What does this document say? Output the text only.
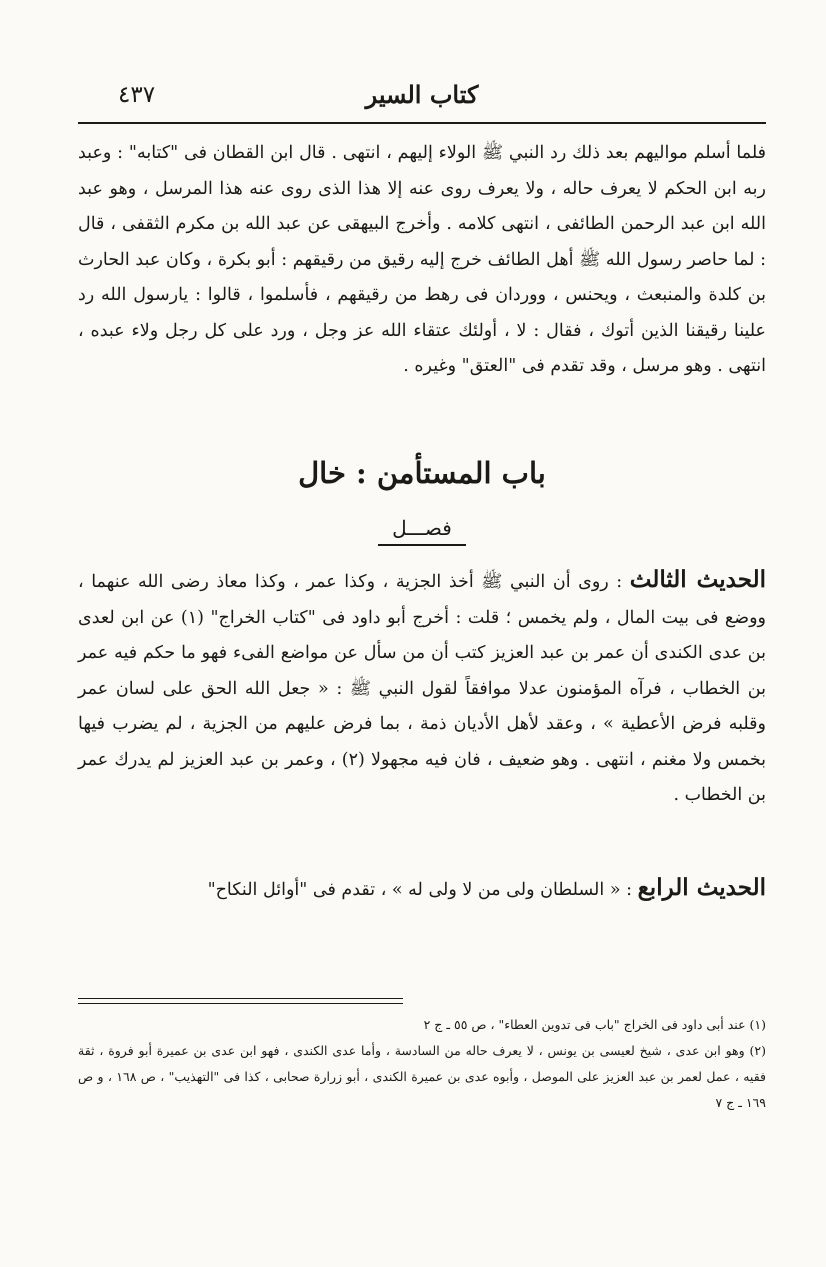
كتاب السير
٤٣٧
فلما أسلم مواليهم بعد ذلك رد النبي ﷺ الولاء إليهم ، انتهى . قال ابن القطان فى "كتابه" : وعبد ربه ابن الحكم لا يعرف حاله ، ولا يعرف روى عنه إلا هذا الذى روى عنه هذا المرسل ، وهو عبد الله ابن عبد الرحمن الطائفى ، انتهى كلامه . وأخرج البيهقى عن عبد الله بن مكرم الثقفى ، قال : لما حاصر رسول الله ﷺ أهل الطائف خرج إليه رقيق من رقيقهم : أبو بكرة ، وكان عبد الحارث بن كلدة والمنبعث ، ويحنس ، ووردان فى رهط من رقيقهم ، فأسلموا ، قالوا : يارسول الله رد علينا رقيقنا الذين أتوك ، فقال : لا ، أولئك عتقاء الله عز وجل ، ورد على كل رجل ولاء عبده ، انتهى . وهو مرسل ، وقد تقدم فى "العتق" وغيره .
باب المستأمن : خال
فصـــل
الحديث الثالث : روى أن النبي ﷺ أخذ الجزية ، وكذا عمر ، وكذا معاذ رضى الله عنهما ، ووضع فى بيت المال ، ولم يخمس ؛ قلت : أخرج أبو داود فى "كتاب الخراج" (١) عن ابن لعدى بن عدى الكندى أن عمر بن عبد العزيز كتب أن من سأل عن مواضع الفىء فهو ما حكم فيه عمر بن الخطاب ، فرآه المؤمنون عدلا موافقاً لقول النبي ﷺ : « جعل الله الحق على لسان عمر وقلبه فرض الأعطية » ، وعقد لأهل الأديان ذمة ، بما فرض عليهم من الجزية ، لم يضرب فيها بخمس ولا مغنم ، انتهى . وهو ضعيف ، فان فيه مجهولا (٢) ، وعمر بن عبد العزيز لم يدرك عمر بن الخطاب .
الحديث الرابع : « السلطان ولى من لا ولى له » ، تقدم فى "أوائل النكاح"

(١) عند أبى داود فى الخراج "باب فى تدوين العطاء" ، ص ٥٥ ـ ج ٢

(٢) وهو ابن عدى ، شيخ لعيسى بن يونس ، لا يعرف حاله من السادسة ، وأما عدى الكندى ، فهو ابن عدى بن عميرة أبو فروة ، ثقة فقيه ، عمل لعمر بن عبد العزيز على الموصل ، وأبوه عدى بن عميرة الكندى ، أبو زرارة صحابى ، كذا فى "التهذيب" ، ص ١٦٨ ، و ص ١٦٩ ـ ج ٧
